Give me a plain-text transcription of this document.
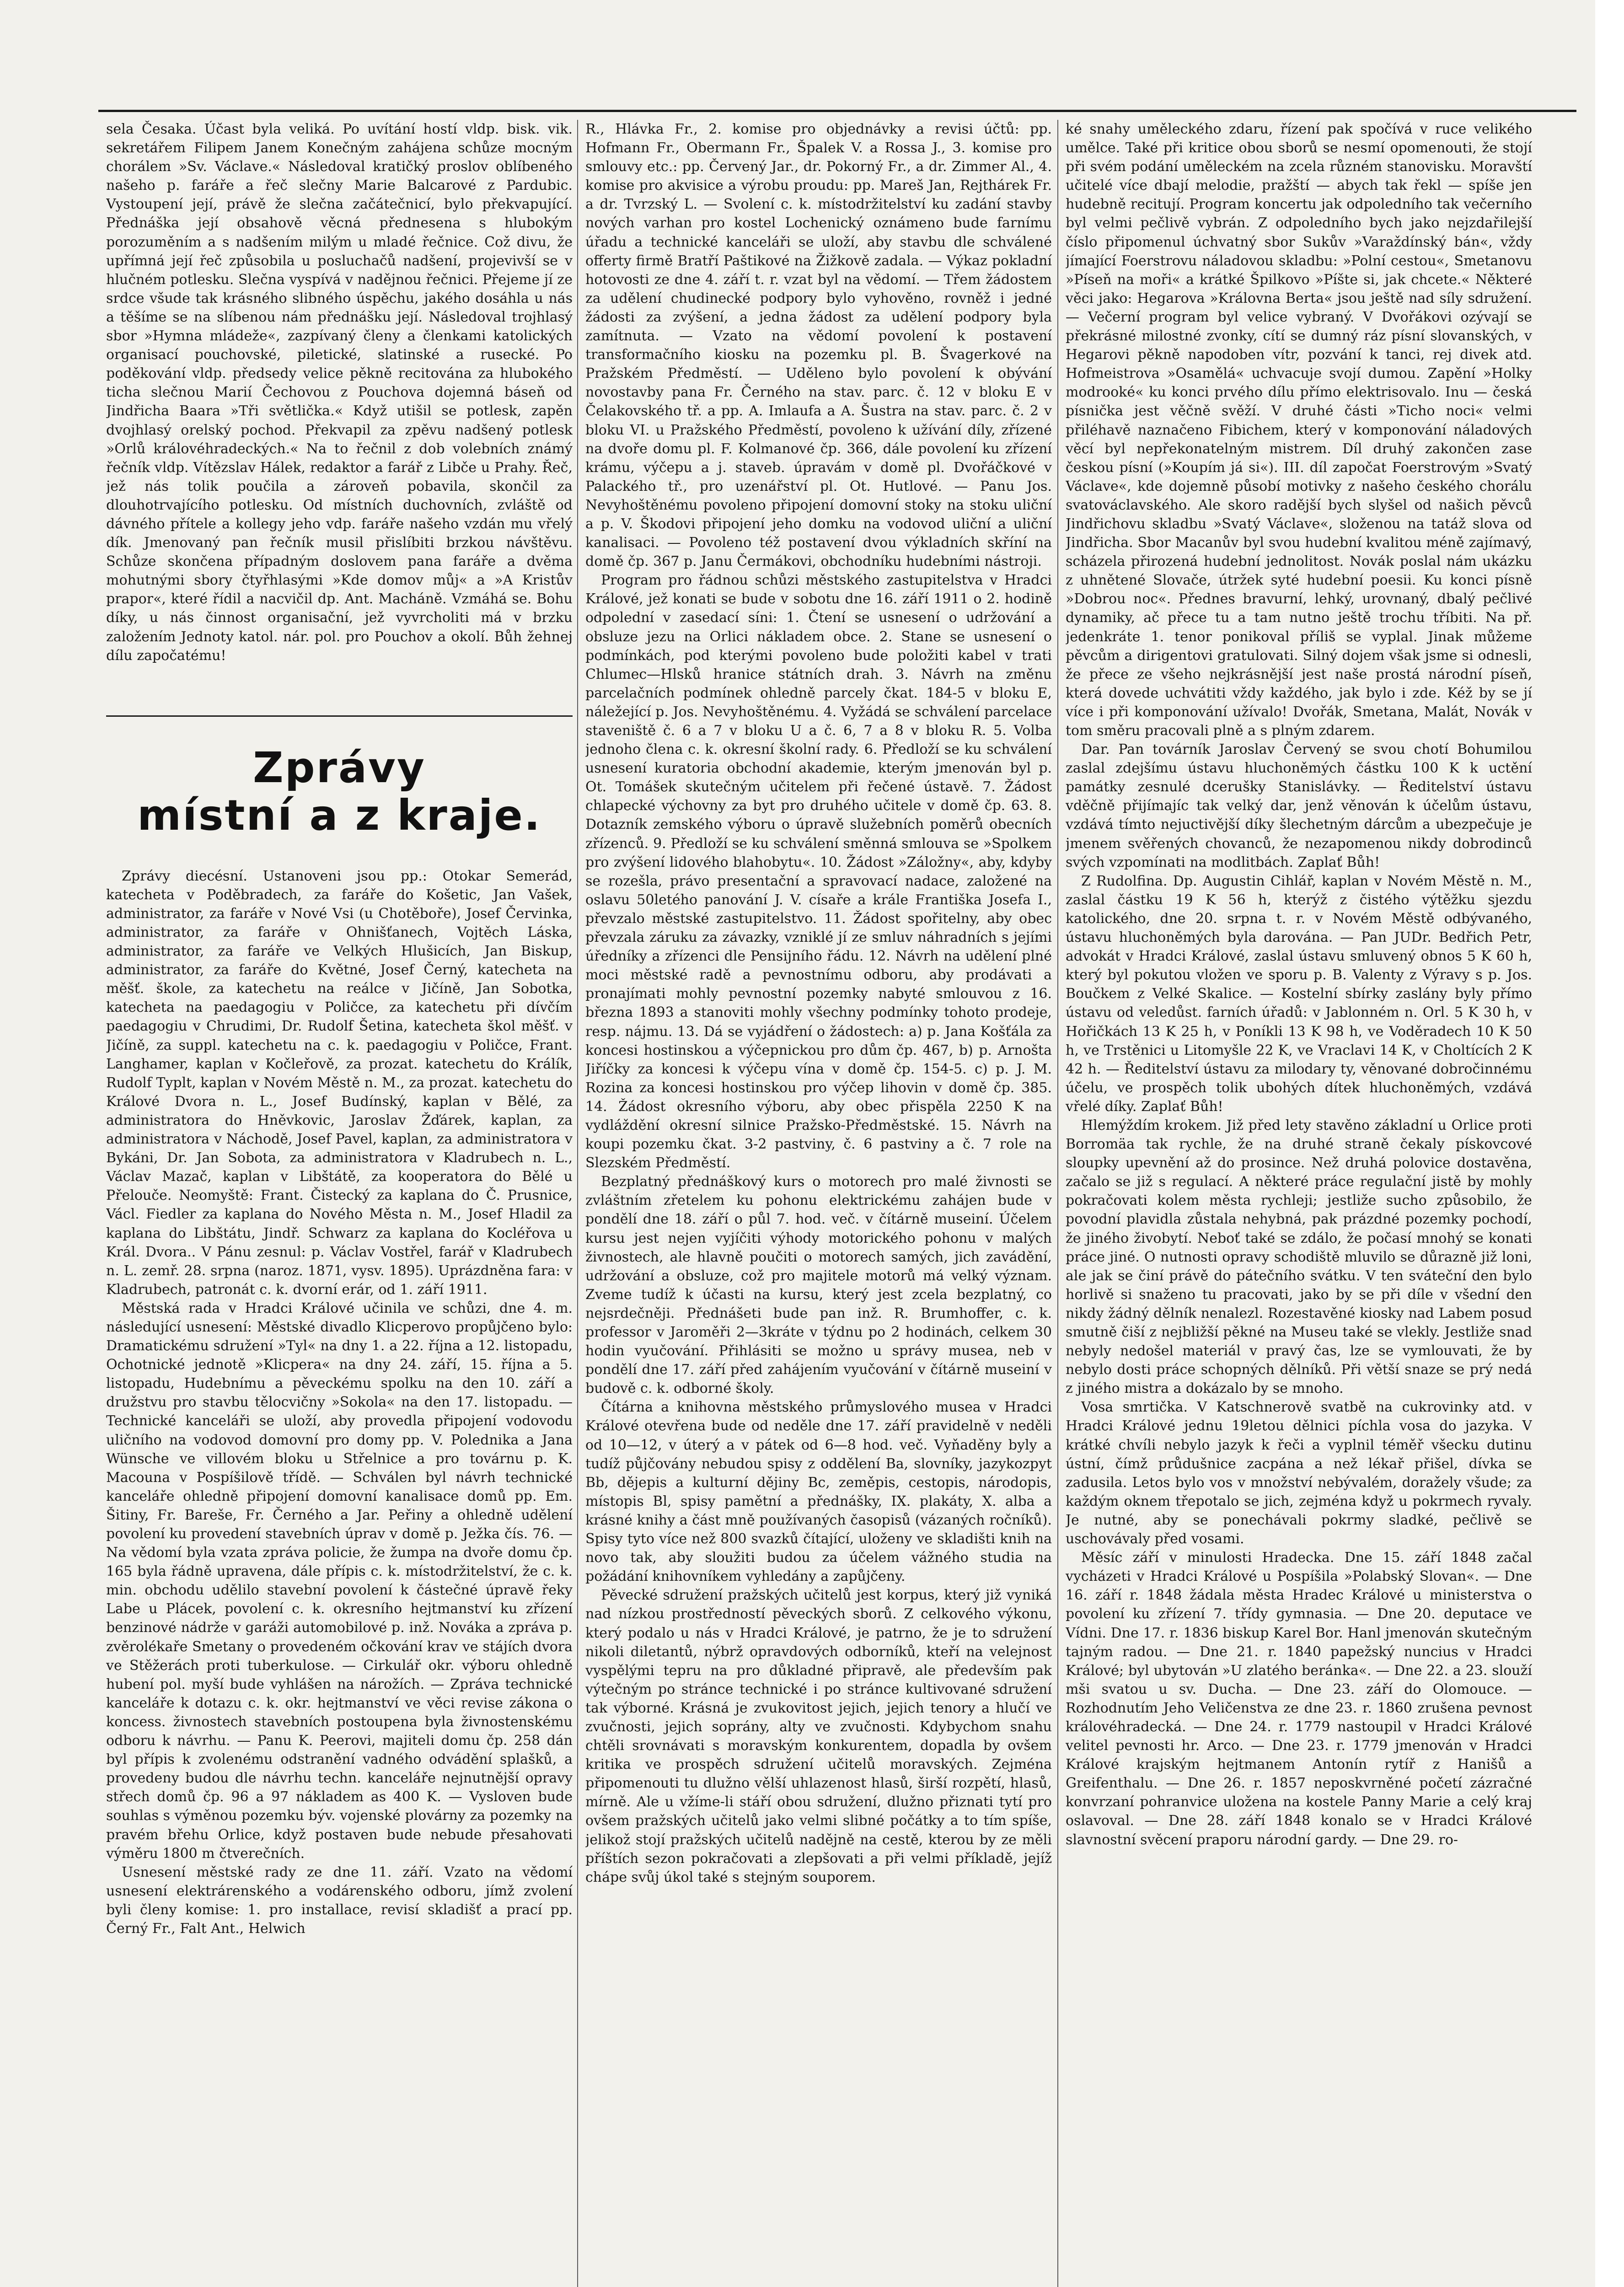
sela Česaka. Účast byla veliká. Po uvítání hostí vldp. bisk. vik. sekretářem Filipem Janem Konečným zahájena schůze mocným chorálem »Sv. Václave.« Následoval kratičký proslov oblíbeného našeho p. faráře a řeč slečny Marie Balcarové z Pardubic. Vystoupení její, právě že slečna začátečnicí, bylo překvapující. Přednáška její obsahově věcná přednesena s hlubokým porozuměním a s nadšením milým u mladé řečnice. Což divu, že upřímná její řeč způsobila u posluchačů nadšení, projevivší se v hlučném potlesku. Slečna vyspívá v nadějnou řečnici. Přejeme jí ze srdce všude tak krásného slibného úspěchu, jakého dosáhla u nás a těšíme se na slíbenou nám přednášku její. Následoval trojhlasý sbor »Hymna mládeže«, zazpívaný členy a členkami katolických organisací pouchovské, piletické, slatinské a rusecké. Po poděkování vldp. předsedy velice pěkně recitována za hlubokého ticha slečnou Marií Čechovou z Pouchova dojemná báseň od Jindřicha Baara »Tři světlička.« Když utišil se potlesk, zapěn dvojhlasý orelský pochod. Překvapil za zpěvu nadšený potlesk »Orlů královéhradeckých.« Na to řečnil z dob volebních známý řečník vldp. Vítězslav Hálek, redaktor a farář z Libče u Prahy. Řeč, jež nás tolik poučila a zároveň pobavila, skončil za dlouhotrvajícího potlesku. Od místních duchovních, zvláště od dávného přítele a kollegy jeho vdp. faráře našeho vzdán mu vřelý dík. Jmenovaný pan řečník musil přislíbiti brzkou návštěvu. Schůze skončena případným doslovem pana faráře a dvěma mohutnými sbory čtyřhlasými »Kde domov můj« a »A Kristův prapor«, které řídil a nacvičil dp. Ant. Macháně. Vzmáhá se. Bohu díky, u nás činnost organisační, jež vyvrcholiti má v brzku založením Jednoty katol. nár. pol. pro Pouchov a okolí. Bůh žehnej dílu započatému!

Zprávy
místní a z kraje.

Zprávy diecésní. Ustanoveni jsou pp.: Otokar Semerád, katecheta v Poděbradech, za faráře do Košetic, Jan Vašek, administrator, za faráře v Nové Vsi (u Chotěboře), Josef Červinka, administrator, za faráře v Ohnišťanech, Vojtěch Láska, administrator, za faráře ve Velkých Hlušicích, Jan Biskup, administrator, za faráře do Květné, Josef Černý, katecheta na měšť. škole, za katechetu na reálce v Jičíně, Jan Sobotka, katecheta na paedagogiu v Poličce, za katechetu při dívčím paedagogiu v Chrudimi, Dr. Rudolf Šetina, katecheta škol měšť. v Jičíně, za suppl. katechetu na c. k. paedagogiu v Poličce, Frant. Langhamer, kaplan v Kočleřově, za prozat. katechetu do Králík, Rudolf Typlt, kaplan v Novém Městě n. M., za prozat. katechetu do Králové Dvora n. L., Josef Budínský, kaplan v Bělé, za administratora do Hněvkovic, Jaroslav Žďárek, kaplan, za administratora v Náchodě, Josef Pavel, kaplan, za administratora v Bykáni, Dr. Jan Sobota, za administratora v Kladrubech n. L., Václav Mazač, kaplan v Libštátě, za kooperatora do Bělé u Přelouče. Neomyště: Frant. Čistecký za kaplana do Č. Prusnice, Václ. Fiedler za kaplana do Nového Města n. M., Josef Hladil za kaplana do Libštátu, Jindř. Schwarz za kaplana do Kocléřova u Král. Dvora.. V Pánu zesnul: p. Václav Vostřel, farář v Kladrubech n. L. zemř. 28. srpna (naroz. 1871, vysv. 1895). Uprázdněna fara: v Kladrubech, patronát c. k. dvorní erár, od 1. září 1911.

Městská rada v Hradci Králové učinila ve schůzi, dne 4. m. následující usnesení: Městské divadlo Klicperovo propůjčeno bylo: Dramatickému sdružení »Tyl« na dny 1. a 22. října a 12. listopadu, Ochotnické jednotě »Klicpera« na dny 24. září, 15. října a 5. listopadu, Hudebnímu a pěveckému spolku na den 10. září a družstvu pro stavbu tělocvičny »Sokola« na den 17. listopadu. — Technické kanceláři se uloží, aby provedla připojení vodovodu uličního na vodovod domovní pro domy pp. V. Polednika a Jana Wünsche ve villovém bloku u Střelnice a pro továrnu p. K. Macouna v Pospíšilově třídě. — Schválen byl návrh technické kanceláře ohledně připojení domovní kanalisace domů pp. Em. Šitiny, Fr. Bareše, Fr. Černého a Jar. Peřiny a ohledně udělení povolení ku provedení stavebních úprav v domě p. Ježka čís. 76. — Na vědomí byla vzata zpráva policie, že žumpa na dvoře domu čp. 165 byla řádně upravena, dále přípis c. k. místodržitelství, že c. k. min. obchodu udělilo stavební povolení k částečné úpravě řeky Labe u Plácek, povolení c. k. okresního hejtmanství ku zřízení benzinové nádrže v garáži automobilové p. inž. Nováka a zpráva p. zvěrolékaře Smetany o provedeném očkování krav ve stájích dvora ve Stěžerách proti tuberkulose. — Cirkulář okr. výboru ohledně hubení pol. myší bude vyhlášen na nárožích. — Zpráva technické kanceláře k dotazu c. k. okr. hejtmanství ve věci revise zákona o koncess. živnostech stavebních postoupena byla živnostenskému odboru k návrhu. — Panu K. Peerovi, majiteli domu čp. 258 dán byl přípis k zvolenému odstranění vadného odvádění splašků, a provedeny budou dle návrhu techn. kanceláře nejnutnější opravy střech domů čp. 96 a 97 nákladem as 400 K. — Vysloven bude souhlas s výměnou pozemku býv. vojenské plovárny za pozemky na pravém břehu Orlice, když postaven bude nebude přesahovati výměru 1800 m čtverečních.

Usnesení městské rady ze dne 11. září. Vzato na vědomí usnesení elektrárenského a vodárenského odboru, jímž zvolení byli členy komise: 1. pro installace, revisí skladišť a prací pp. Černý Fr., Falt Ant., Helwich

R., Hlávka Fr., 2. komise pro objednávky a revisi účtů: pp. Hofmann Fr., Obermann Fr., Špalek V. a Rossa J., 3. komise pro smlouvy etc.: pp. Červený Jar., dr. Pokorný Fr., a dr. Zimmer Al., 4. komise pro akvisice a výrobu proudu: pp. Mareš Jan, Rejthárek Fr. a dr. Tvrzský L. — Svolení c. k. místodržitelství ku zadání stavby nových varhan pro kostel Lochenický oznámeno bude farnímu úřadu a technické kanceláři se uloží, aby stavbu dle schválené offerty firmě Bratří Paštikové na Žižkově zadala. — Výkaz pokladní hotovosti ze dne 4. září t. r. vzat byl na vědomí. — Třem žádostem za udělení chudinecké podpory bylo vyhověno, rovněž i jedné žádosti za zvýšení, a jedna žádost za udělení podpory byla zamítnuta. — Vzato na vědomí povolení k postavení transformačního kiosku na pozemku pl. B. Švagerkové na Pražském Předměstí. — Uděleno bylo povolení k obývání novostavby pana Fr. Černého na stav. parc. č. 12 v bloku E v Čelakovského tř. a pp. A. Imlaufa a A. Šustra na stav. parc. č. 2 v bloku VI. u Pražského Předměstí, povoleno k užívání díly, zřízené na dvoře domu pl. F. Kolmanové čp. 366, dále povolení ku zřízení krámu, výčepu a j. staveb. úpravám v domě pl. Dvořáčkové v Palackého tř., pro uzenářství pl. Ot. Hutlové. — Panu Jos. Nevyhoštěnému povoleno připojení domovní stoky na stoku uliční a p. V. Škodovi připojení jeho domku na vodovod uliční a uliční kanalisaci. — Povoleno též postavení dvou výkladních skříní na domě čp. 367 p. Janu Čermákovi, obchodníku hudebními nástroji.

Program pro řádnou schůzi městského zastupitelstva v Hradci Králové, jež konati se bude v sobotu dne 16. září 1911 o 2. hodině odpolední v zasedací síni: 1. Čtení se usnesení o udržování a obsluze jezu na Orlici nákladem obce. 2. Stane se usnesení o podmínkách, pod kterými povoleno bude položiti kabel v trati Chlumec—Hlsků hranice státních drah. 3. Návrh na změnu parcelačních podmínek ohledně parcely čkat. 184-5 v bloku E, náležející p. Jos. Nevyhoštěnému. 4. Vyžádá se schválení parcelace staveniště č. 6 a 7 v bloku U a č. 6, 7 a 8 v bloku R. 5. Volba jednoho člena c. k. okresní školní rady. 6. Předloží se ku schválení usnesení kuratoria obchodní akademie, kterým jmenován byl p. Ot. Tomášek skutečným učitelem při řečené ústavě. 7. Žádost chlapecké výchovny za byt pro druhého učitele v domě čp. 63. 8. Dotazník zemského výboru o úpravě služebních poměrů obecních zřízenců. 9. Předloží se ku schválení směnná smlouva se »Spolkem pro zvýšení lidového blahobytu«. 10. Žádost »Záložny«, aby, kdyby se rozešla, právo presentační a spravovací nadace, založené na oslavu 50letého panování J. V. císaře a krále Františka Josefa I., převzalo městské zastupitelstvo. 11. Žádost spořitelny, aby obec převzala záruku za závazky, vzniklé jí ze smluv náhradních s jejími úředníky a zřízenci dle Pensijního řádu. 12. Návrh na udělení plné moci městské radě a pevnostnímu odboru, aby prodávati a pronajímati mohly pevnostní pozemky nabyté smlouvou z 16. března 1893 a stanoviti mohly všechny podmínky tohoto prodeje, resp. nájmu. 13. Dá se vyjádření o žádostech: a) p. Jana Košťála za koncesi hostinskou a výčepnickou pro dům čp. 467, b) p. Arnošta Jiříčky za koncesi k výčepu vína v domě čp. 154-5. c) p. J. M. Rozina za koncesi hostinskou pro výčep lihovin v domě čp. 385. 14. Žádost okresního výboru, aby obec přispěla 2250 K na vydláždění okresní silnice Pražsko-Předměstské. 15. Návrh na koupi pozemku čkat. 3-2 pastviny, č. 6 pastviny a č. 7 role na Slezském Předměstí.

Bezplatný přednáškový kurs o motorech pro malé živnosti se zvláštním zřetelem ku pohonu elektrickému zahájen bude v pondělí dne 18. září o půl 7. hod. več. v čítárně museiní. Účelem kursu jest nejen vyjíčiti výhody motorického pohonu v malých živnostech, ale hlavně poučiti o motorech samých, jich zavádění, udržování a obsluze, což pro majitele motorů má velký význam. Zveme tudíž k účasti na kursu, který jest zcela bezplatný, co nejsrdečněji. Přednášeti bude pan inž. R. Brumhoffer, c. k. professor v Jaroměři 2—3kráte v týdnu po 2 hodinách, celkem 30 hodin vyučování. Přihlásiti se možno u správy musea, neb v pondělí dne 17. září před zahájením vyučování v čítárně museiní v budově c. k. odborné školy.

Čítárna a knihovna městského průmyslového musea v Hradci Králové otevřena bude od neděle dne 17. září pravidelně v neděli od 10—12, v úterý a v pátek od 6—8 hod. več. Vyňaděny byly a tudíž půjčovány nebudou spisy z oddělení Ba, slovníky, jazykozpyt Bb, dějepis a kulturní dějiny Bc, zeměpis, cestopis, národopis, místopis Bl, spisy pamětní a přednášky, IX. plakáty, X. alba a krásné knihy a část mně používaných časopisů (vázaných ročníků). Spisy tyto více než 800 svazků čítající, uloženy ve skladišti knih na novo tak, aby sloužiti budou za účelem vážného studia na požádání knihovníkem vyhledány a zapůjčeny.

Pěvecké sdružení pražských učitelů jest korpus, který již vyniká nad nízkou prostředností pěveckých sborů. Z celkového výkonu, který podalo u nás v Hradci Králové, je patrno, že je to sdružení nikoli diletantů, nýbrž opravdových odborníků, kteří na velejnost vyspělými tepru na pro důkladné připravě, ale především pak výtečným po stránce technické i po stránce kultivované sdružení tak výborné. Krásná je zvukovitost jejich, jejich tenory a hlučí ve zvučnosti, jejich soprány, alty ve zvučnosti. Kdybychom snahu chtěli srovnávati s moravským konkurentem, dopadla by ovšem kritika ve prospěch sdružení učitelů moravských. Zejména připomenouti tu dlužno vělší uhlazenost hlasů, širší rozpětí, hlasů, mírně. Ale u vžíme-li stáří obou sdružení, dlužno přiznati tytí pro ovšem pražských učitelů jako velmi slibné počátky a to tím spíše, jelikož stojí pražských učitelů nadějně na cestě, kterou by ze měli příštích sezon pokračovati a zlepšovati a při velmi příkladě, jejíž chápe svůj úkol také s stejným souporem.

ké snahy uměleckého zdaru, řízení pak spočívá v ruce velikého umělce. Také při kritice obou sborů se nesmí opomenouti, že stojí při svém podání uměleckém na zcela různém stanovisku. Moravští učitelé více dbají melodie, pražští — abych tak řekl — spíše jen hudebně recitují. Program koncertu jak odpoledního tak večerního byl velmi pečlivě vybrán. Z odpoledního bych jako nejzdařilejší číslo připomenul úchvatný sbor Sukův »Varaždínský bán«, vždy jímající Foerstrovu náladovou skladbu: »Polní cestou«, Smetanovu »Píseň na moři« a krátké Špilkovo »Píšte si, jak chcete.« Některé věci jako: Hegarova »Královna Berta« jsou ještě nad síly sdružení. — Večerní program byl velice vybraný. V Dvořákovi ozývají se překrásné milostné zvonky, cítí se dumný ráz písní slovanských, v Hegarovi pěkně napodoben vítr, pozvání k tanci, rej divek atd. Hofmeistrova »Osamělá« uchvacuje svojí dumou. Zapění »Holky modrooké« ku konci prvého dílu přímo elektrisovalo. Inu — česká písnička jest věčně svěží. V druhé části »Ticho noci« velmi přiléhavě naznačeno Fibichem, který v komponování náladových věcí byl nepřekonatelným mistrem. Díl druhý zakončen zase českou písní (»Koupím já si«). III. díl započat Foerstrovým »Svatý Václave«, kde dojemně působí motivky z našeho českého chorálu svatováclavského. Ale skoro radější bych slyšel od našich pěvců Jindřichovu skladbu »Svatý Václave«, složenou na tatáž slova od Jindřicha. Sbor Macanův byl svou hudební kvalitou méně zajímavý, scházela přirozená hudební jednolitost. Novák poslal nám ukázku z uhnětené Slovače, útržek syté hudební poesii. Ku konci písně »Dobrou noc«. Přednes bravurní, lehký, urovnaný, dbalý pečlivé dynamiky, ač přece tu a tam nutno ještě trochu tříbiti. Na př. jedenkráte 1. tenor ponikoval příliš se vyplal. Jinak můžeme pěvcům a dirigentovi gratulovati. Silný dojem však jsme si odnesli, že přece ze všeho nejkrásnější jest naše prostá národní píseň, která dovede uchvátiti vždy každého, jak bylo i zde. Kéž by se jí více i při komponování užívalo! Dvořák, Smetana, Malát, Novák v tom směru pracovali plně a s plným zdarem.

Dar. Pan továrník Jaroslav Červený se svou chotí Bohumilou zaslal zdejšímu ústavu hluchoněmých částku 100 K k uctění památky zesnulé dcerušky Stanislávky. — Ředitelství ústavu vděčně přijímajíc tak velký dar, jenž věnován k účelům ústavu, vzdává tímto nejuctivější díky šlechetným dárcům a ubezpečuje je jmenem svěřených chovanců, že nezapomenou nikdy dobrodinců svých vzpomínati na modlitbách. Zaplať Bůh!

Z Rudolfina. Dp. Augustin Cihlář, kaplan v Novém Městě n. M., zaslal částku 19 K 56 h, kterýž z čistého výtěžku sjezdu katolického, dne 20. srpna t. r. v Novém Městě odbývaného, ústavu hluchoněmých byla darována. — Pan JUDr. Bedřich Petr, advokát v Hradci Králové, zaslal ústavu smluvený obnos 5 K 60 h, který byl pokutou vložen ve sporu p. B. Valenty z Výravy s p. Jos. Boučkem z Velké Skalice. — Kostelní sbírky zaslány byly přímo ústavu od veledůst. farních úřadů: v Jablonném n. Orl. 5 K 30 h, v Hořičkách 13 K 25 h, v Poníkli 13 K 98 h, ve Voděradech 10 K 50 h, ve Trstěnici u Litomyšle 22 K, ve Vraclavi 14 K, v Choltících 2 K 42 h. — Ředitelství ústavu za milodary ty, věnované dobročinnému účelu, ve prospěch tolik ubohých dítek hluchoněmých, vzdává vřelé díky. Zaplať Bůh!

Hlemýždím krokem. Již před lety stavěno základní u Orlice proti Borromäa tak rychle, že na druhé straně čekaly pískovcové sloupky upevnění až do prosince. Než druhá polovice dostavěna, začalo se již s regulací. A některé práce regulační jistě by mohly pokračovati kolem města rychleji; jestliže sucho způsobilo, že povodní plavidla zůstala nehybná, pak prázdné pozemky pochodí, že jiného živobytí. Neboť také se zdálo, že počasí mnohý se konati práce jiné. O nutnosti opravy schodiště mluvilo se důrazně již loni, ale jak se činí právě do pátečního svátku. V ten sváteční den bylo horlivě si snaženo tu pracovati, jako by se při díle v všední den nikdy žádný dělník nenalezl. Rozestavěné kiosky nad Labem posud smutně čiší z nejbližší pěkné na Museu také se vlekly. Jestliže snad nebyly nedošel materiál v pravý čas, lze se vymlouvati, že by nebylo dosti práce schopných dělníků. Při větší snaze se prý nedá z jiného mistra a dokázalo by se mnoho.

Vosa smrtička. V Katschnerově svatbě na cukrovinky atd. v Hradci Králové jednu 19letou dělnici píchla vosa do jazyka. V krátké chvíli nebylo jazyk k řeči a vyplnil téměř všecku dutinu ústní, čímž průdušnice zacpána a než lékař přišel, dívka se zadusila. Letos bylo vos v množství nebývalém, doražely všude; za každým oknem třepotalo se jich, zejména když u pokrmech ryvaly. Je nutné, aby se ponechávali pokrmy sladké, pečlivě se uschovávaly před vosami.

Měsíc září v minulosti Hradecka. Dne 15. září 1848 začal vycházeti v Hradci Králové u Pospíšila »Polabský Slovan«. — Dne 16. září r. 1848 žádala města Hradec Králové u ministerstva o povolení ku zřízení 7. třídy gymnasia. — Dne 20. deputace ve Vídni. Dne 17. r. 1836 biskup Karel Bor. Hanl jmenován skutečným tajným radou. — Dne 21. r. 1840 papežský nuncius v Hradci Králové; byl ubytován »U zlatého beránka«. — Dne 22. a 23. slouží mši svatou u sv. Ducha. — Dne 23. září do Olomouce. — Rozhodnutím Jeho Veličenstva ze dne 23. r. 1860 zrušena pevnost královéhradecká. — Dne 24. r. 1779 nastoupil v Hradci Králové velitel pevnosti hr. Arco. — Dne 23. r. 1779 jmenován v Hradci Králové krajským hejtmanem Antonín rytíř z Hanišů a Greifenthalu. — Dne 26. r. 1857 neposkvrněné početí zázračné konvrzaní pohranvice uložena na kostele Panny Marie a celý kraj oslavoval. — Dne 28. září 1848 konalo se v Hradci Králové slavnostní svěcení praporu národní gardy. — Dne 29. ro-
